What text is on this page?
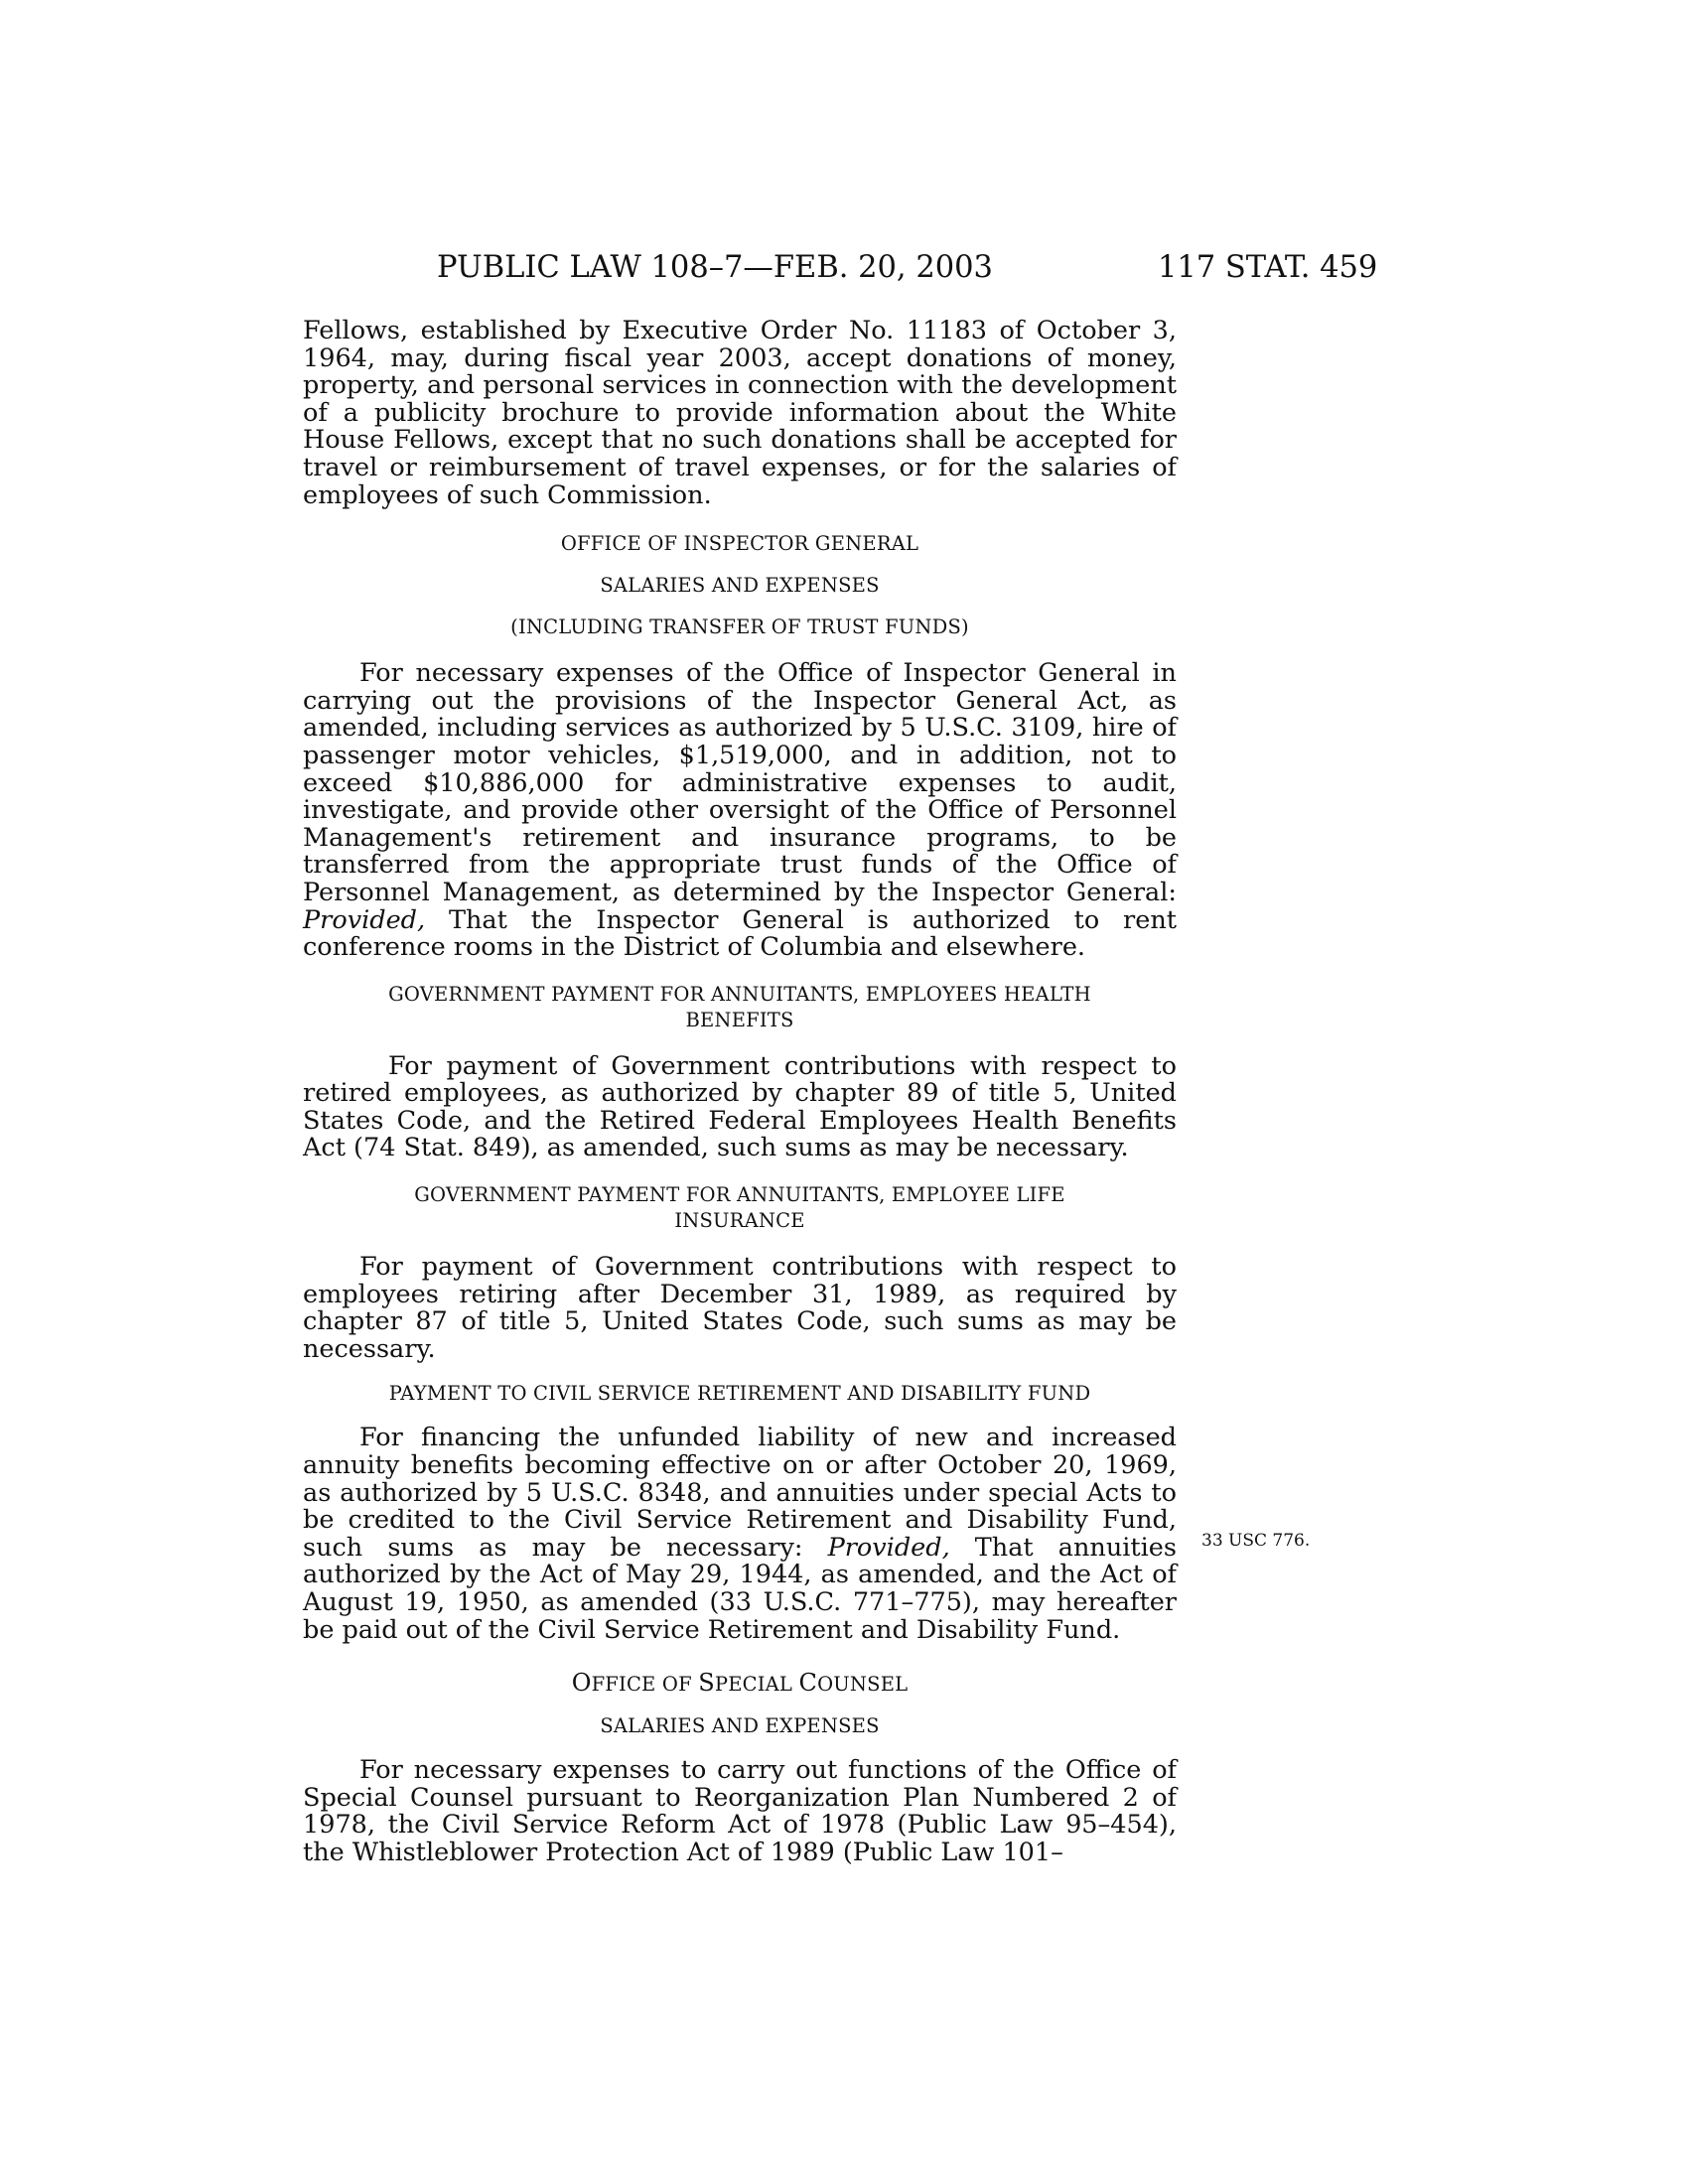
PUBLIC LAW 108–7—FEB. 20, 2003	117 STAT. 459

Fellows, established by Executive Order No. 11183 of October 3, 1964, may, during fiscal year 2003, accept donations of money, property, and personal services in connection with the development of a publicity brochure to provide information about the White House Fellows, except that no such donations shall be accepted for travel or reimbursement of travel expenses, or for the salaries of employees of such Commission.

OFFICE OF INSPECTOR GENERAL

SALARIES AND EXPENSES

(INCLUDING TRANSFER OF TRUST FUNDS)

For necessary expenses of the Office of Inspector General in carrying out the provisions of the Inspector General Act, as amended, including services as authorized by 5 U.S.C. 3109, hire of passenger motor vehicles, $1,519,000, and in addition, not to exceed $10,886,000 for administrative expenses to audit, investigate, and provide other oversight of the Office of Personnel Management's retirement and insurance programs, to be transferred from the appropriate trust funds of the Office of Personnel Management, as determined by the Inspector General: Provided, That the Inspector General is authorized to rent conference rooms in the District of Columbia and elsewhere.

GOVERNMENT PAYMENT FOR ANNUITANTS, EMPLOYEES HEALTH BENEFITS

For payment of Government contributions with respect to retired employees, as authorized by chapter 89 of title 5, United States Code, and the Retired Federal Employees Health Benefits Act (74 Stat. 849), as amended, such sums as may be necessary.

GOVERNMENT PAYMENT FOR ANNUITANTS, EMPLOYEE LIFE INSURANCE

For payment of Government contributions with respect to employees retiring after December 31, 1989, as required by chapter 87 of title 5, United States Code, such sums as may be necessary.

PAYMENT TO CIVIL SERVICE RETIREMENT AND DISABILITY FUND

For financing the unfunded liability of new and increased annuity benefits becoming effective on or after October 20, 1969, as authorized by 5 U.S.C. 8348, and annuities under special Acts to be credited to the Civil Service Retirement and Disability Fund, such sums as may be necessary: Provided, That annuities authorized by the Act of May 29, 1944, as amended, and the Act of August 19, 1950, as amended (33 U.S.C. 771–775), may hereafter be paid out of the Civil Service Retirement and Disability Fund.

OFFICE OF SPECIAL COUNSEL

SALARIES AND EXPENSES

For necessary expenses to carry out functions of the Office of Special Counsel pursuant to Reorganization Plan Numbered 2 of 1978, the Civil Service Reform Act of 1978 (Public Law 95–454), the Whistleblower Protection Act of 1989 (Public Law 101–

33 USC 776.
